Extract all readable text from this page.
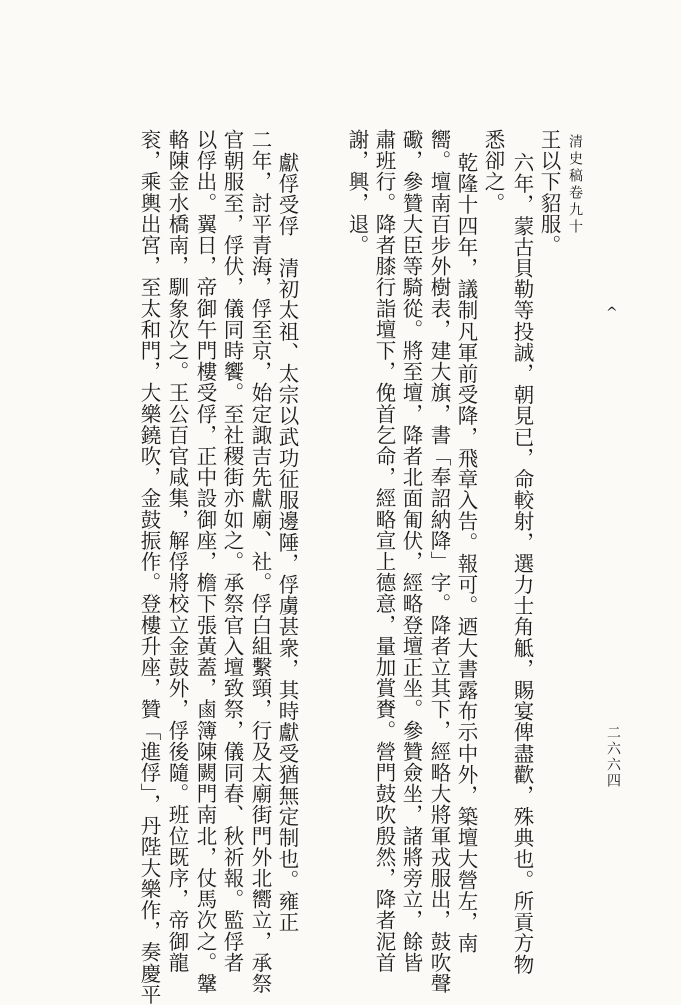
清史稿卷九十
^
二六六四
王以下貂服。
六年，蒙古貝勒等投誠，朝見已，命較射，選力士角觝，賜宴俾盡歡，殊典也。所貢方物
悉卻之。
乾隆十四年，議制凡軍前受降，飛章入告。報可。迺大書露布示中外，築壇大營左，南
嚮。壇南百步外樹表，建大旗，書「奉詔納降」字。降者立其下，經略大將軍戎服出，鼓吹聲
礮，參贊大臣等騎從。將至壇，降者北面匍伏，經略登壇正坐。參贊僉坐，諸將旁立，餘皆
肅班行。降者膝行詣壇下，俛首乞命，經略宣上德意，量加賞賚。營門鼓吹殷然，降者泥首
謝，興，退。
獻俘受俘　清初太祖、太宗以武功征服邊陲，俘虜甚衆，其時獻受猶無定制也。雍正
二年，討平青海，俘至京，始定諏吉先獻廟、社。俘白組繫頸，行及太廟街門外北嚮立，承祭
官朝服至，俘伏，儀同時饗。至社稷街亦如之。承祭官入壇致祭，儀同春、秋祈報。監俘者
以俘出。翼日，帝御午門樓受俘，正中設御座，檐下張黃蓋，鹵簿陳闕門南北，仗馬次之。鞶
輅陳金水橋南，馴象次之。王公百官咸集，解俘將校立金鼓外，俘後隨。班位既序，帝御龍
衮，乘輿出宮，至太和門，大樂鐃吹，金鼓振作。登樓升座，贊「進俘」，丹陛大樂作，奏慶平
